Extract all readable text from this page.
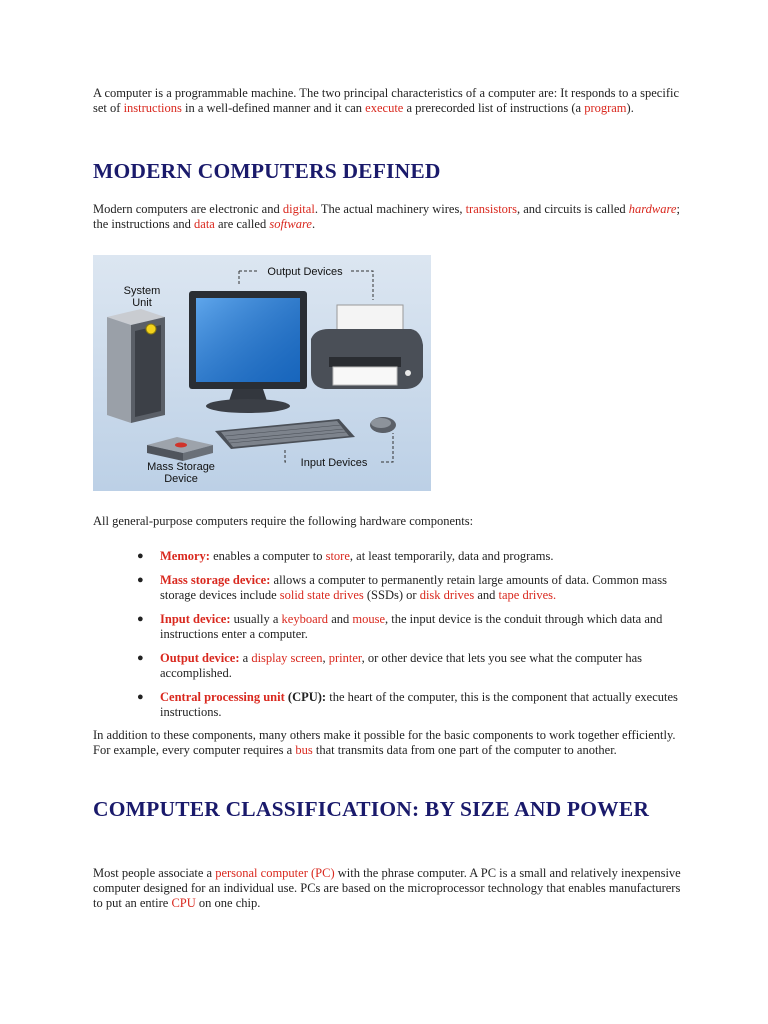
A computer is a programmable machine. The two principal characteristics of a computer are: It responds to a specific set of instructions in a well-defined manner and it can execute a prerecorded list of instructions (a program).

MODERN COMPUTERS DEFINED

Modern computers are electronic and digital. The actual machinery wires, transistors, and circuits is called hardware; the instructions and data are called software.

Output Devices
Input Devices
System
Unit
Mass Storage
Device

All general-purpose computers require the following hardware components:

● Memory: enables a computer to store, at least temporarily, data and programs.
● Mass storage device: allows a computer to permanently retain large amounts of data. Common mass storage devices include solid state drives (SSDs) or disk drives and tape drives.
● Input device: usually a keyboard and mouse, the input device is the conduit through which data and instructions enter a computer.
● Output device: a display screen, printer, or other device that lets you see what the computer has accomplished.
● Central processing unit (CPU): the heart of the computer, this is the component that actually executes instructions.

In addition to these components, many others make it possible for the basic components to work together efficiently. For example, every computer requires a bus that transmits data from one part of the computer to another.

COMPUTER CLASSIFICATION: BY SIZE AND POWER

Most people associate a personal computer (PC) with the phrase computer. A PC is a small and relatively inexpensive computer designed for an individual use. PCs are based on the microprocessor technology that enables manufacturers to put an entire CPU on one chip.
